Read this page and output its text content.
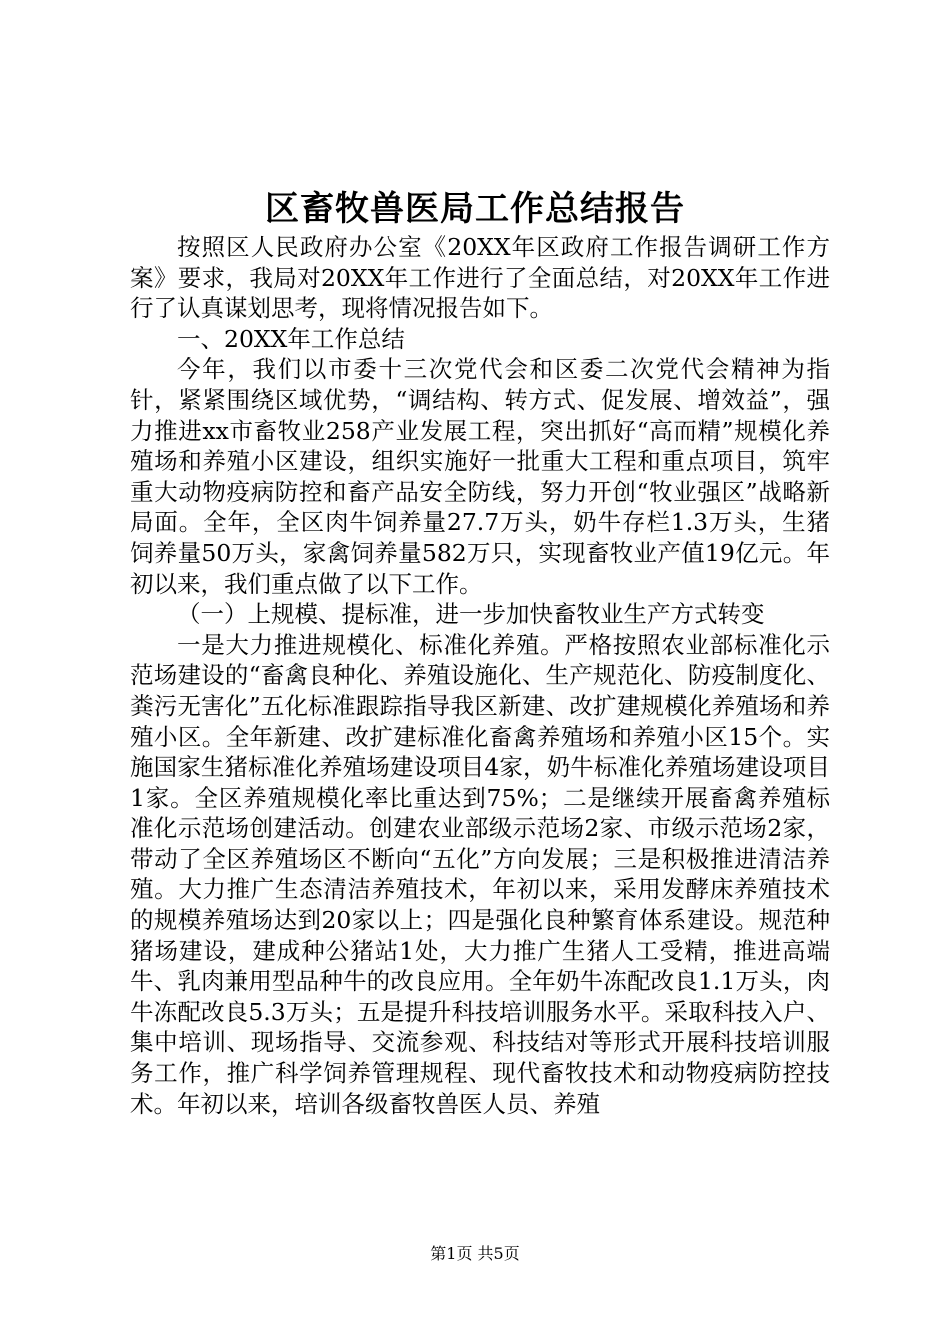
区畜牧兽医局工作总结报告

按照区人民政府办公室《20XX年区政府工作报告调研工作方案》要求，我局对20XX年工作进行了全面总结，对20XX年工作进行了认真谋划思考，现将情况报告如下。

一、20XX年工作总结

今年，我们以市委十三次党代会和区委二次党代会精神为指针，紧紧围绕区域优势，“调结构、转方式、促发展、增效益”，强力推进xx市畜牧业258产业发展工程，突出抓好“高而精”规模化养殖场和养殖小区建设，组织实施好一批重大工程和重点项目，筑牢重大动物疫病防控和畜产品安全防线，努力开创“牧业强区”战略新局面。全年，全区肉牛饲养量27.7万头，奶牛存栏1.3万头，生猪饲养量50万头，家禽饲养量582万只，实现畜牧业产值19亿元。年初以来，我们重点做了以下工作。

（一）上规模、提标准，进一步加快畜牧业生产方式转变

一是大力推进规模化、标准化养殖。严格按照农业部标准化示范场建设的“畜禽良种化、养殖设施化、生产规范化、防疫制度化、粪污无害化”五化标准跟踪指导我区新建、改扩建规模化养殖场和养殖小区。全年新建、改扩建标准化畜禽养殖场和养殖小区15个。实施国家生猪标准化养殖场建设项目4家，奶牛标准化养殖场建设项目1家。全区养殖规模化率比重达到75%；二是继续开展畜禽养殖标准化示范场创建活动。创建农业部级示范场2家、市级示范场2家，带动了全区养殖场区不断向“五化”方向发展；三是积极推进清洁养殖。大力推广生态清洁养殖技术，年初以来，采用发酵床养殖技术的规模养殖场达到20家以上；四是强化良种繁育体系建设。规范种猪场建设，建成种公猪站1处，大力推广生猪人工受精，推进高端牛、乳肉兼用型品种牛的改良应用。全年奶牛冻配改良1.1万头，肉牛冻配改良5.3万头；五是提升科技培训服务水平。采取科技入户、集中培训、现场指导、交流参观、科技结对等形式开展科技培训服务工作，推广科学饲养管理规程、现代畜牧技术和动物疫病防控技术。年初以来，培训各级畜牧兽医人员、养殖

第1页 共5页
